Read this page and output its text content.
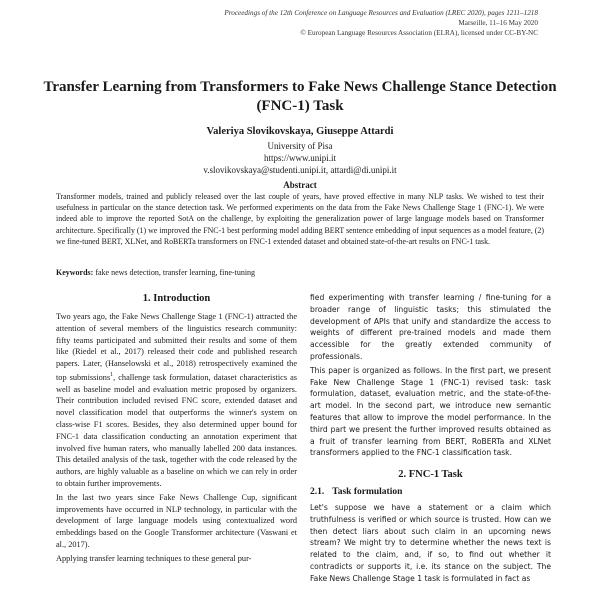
Proceedings of the 12th Conference on Language Resources and Evaluation (LREC 2020), pages 1211–1218
Marseille, 11–16 May 2020
© European Language Resources Association (ELRA), licensed under CC-BY-NC
Transfer Learning from Transformers to Fake News Challenge Stance Detection (FNC-1) Task
Valeriya Slovikovskaya, Giuseppe Attardi
University of Pisa
https://www.unipi.it
v.slovikovskaya@studenti.unipi.it, attardi@di.unipi.it
Abstract
Transformer models, trained and publicly released over the last couple of years, have proved effective in many NLP tasks. We wished to test their usefulness in particular on the stance detection task. We performed experiments on the data from the Fake News Challenge Stage 1 (FNC-1). We were indeed able to improve the reported SotA on the challenge, by exploiting the generalization power of large language models based on Transformer architecture. Specifically (1) we improved the FNC-1 best performing model adding BERT sentence embedding of input sequences as a model feature, (2) we fine-tuned BERT, XLNet, and RoBERTa transformers on FNC-1 extended dataset and obtained state-of-the-art results on FNC-1 task.
Keywords: fake news detection, transfer learning, fine-tuning
1. Introduction

Two years ago, the Fake News Challenge Stage 1 (FNC-1) attracted the attention of several members of the linguistics research community: fifty teams participated and submitted their results and some of them like (Riedel et al., 2017) released their code and published research papers. Later, (Hanselowski et al., 2018) retrospectively examined the top submissions$^1$, challenge task formulation, dataset characteristics as well as baseline model and evaluation metric proposed by organizers. Their contribution included revised FNC score, extended dataset and novel classification model that outperforms the winner's system on class-wise F1 scores. Besides, they also determined upper bound for FNC-1 data classification conducting an annotation experiment that involved five human raters, who manually labelled 200 data instances. This detailed analysis of the task, together with the code released by the authors, are highly valuable as a baseline on which we can rely in order to obtain further improvements.

In the last two years since Fake News Challenge Cup, significant improvements have occurred in NLP technology, in particular with the development of large language models using contextualized word embeddings based on the Google Transformer architecture (Vaswani et al., 2017).

Applying transfer learning techniques to these general pur-

fied experimenting with transfer learning / fine-tuning for a broader range of linguistic tasks; this stimulated the development of APIs that unify and standardize the access to weights of different pre-trained models and made them accessible for the greatly extended community of professionals.

This paper is organized as follows. In the first part, we present Fake New Challenge Stage 1 (FNC-1) revised task: task formulation, dataset, evaluation metric, and the state-of-the-art model. In the second part, we introduce new semantic features that allow to improve the model performance. In the third part we present the further improved results obtained as a fruit of transfer learning from BERT, RoBERTa and XLNet transformers applied to the FNC-1 classification task.

2. FNC-1 Task
2.1. Task formulation

Let's suppose we have a statement or a claim which truthfulness is verified or which source is trusted. How can we then detect liars about such claim in an upcoming news stream? We might try to determine whether the news text is related to the claim, and, if so, to find out whether it contradicts or supports it, i.e. its stance on the subject. The Fake News Challenge Stage 1 task is formulated in fact as
